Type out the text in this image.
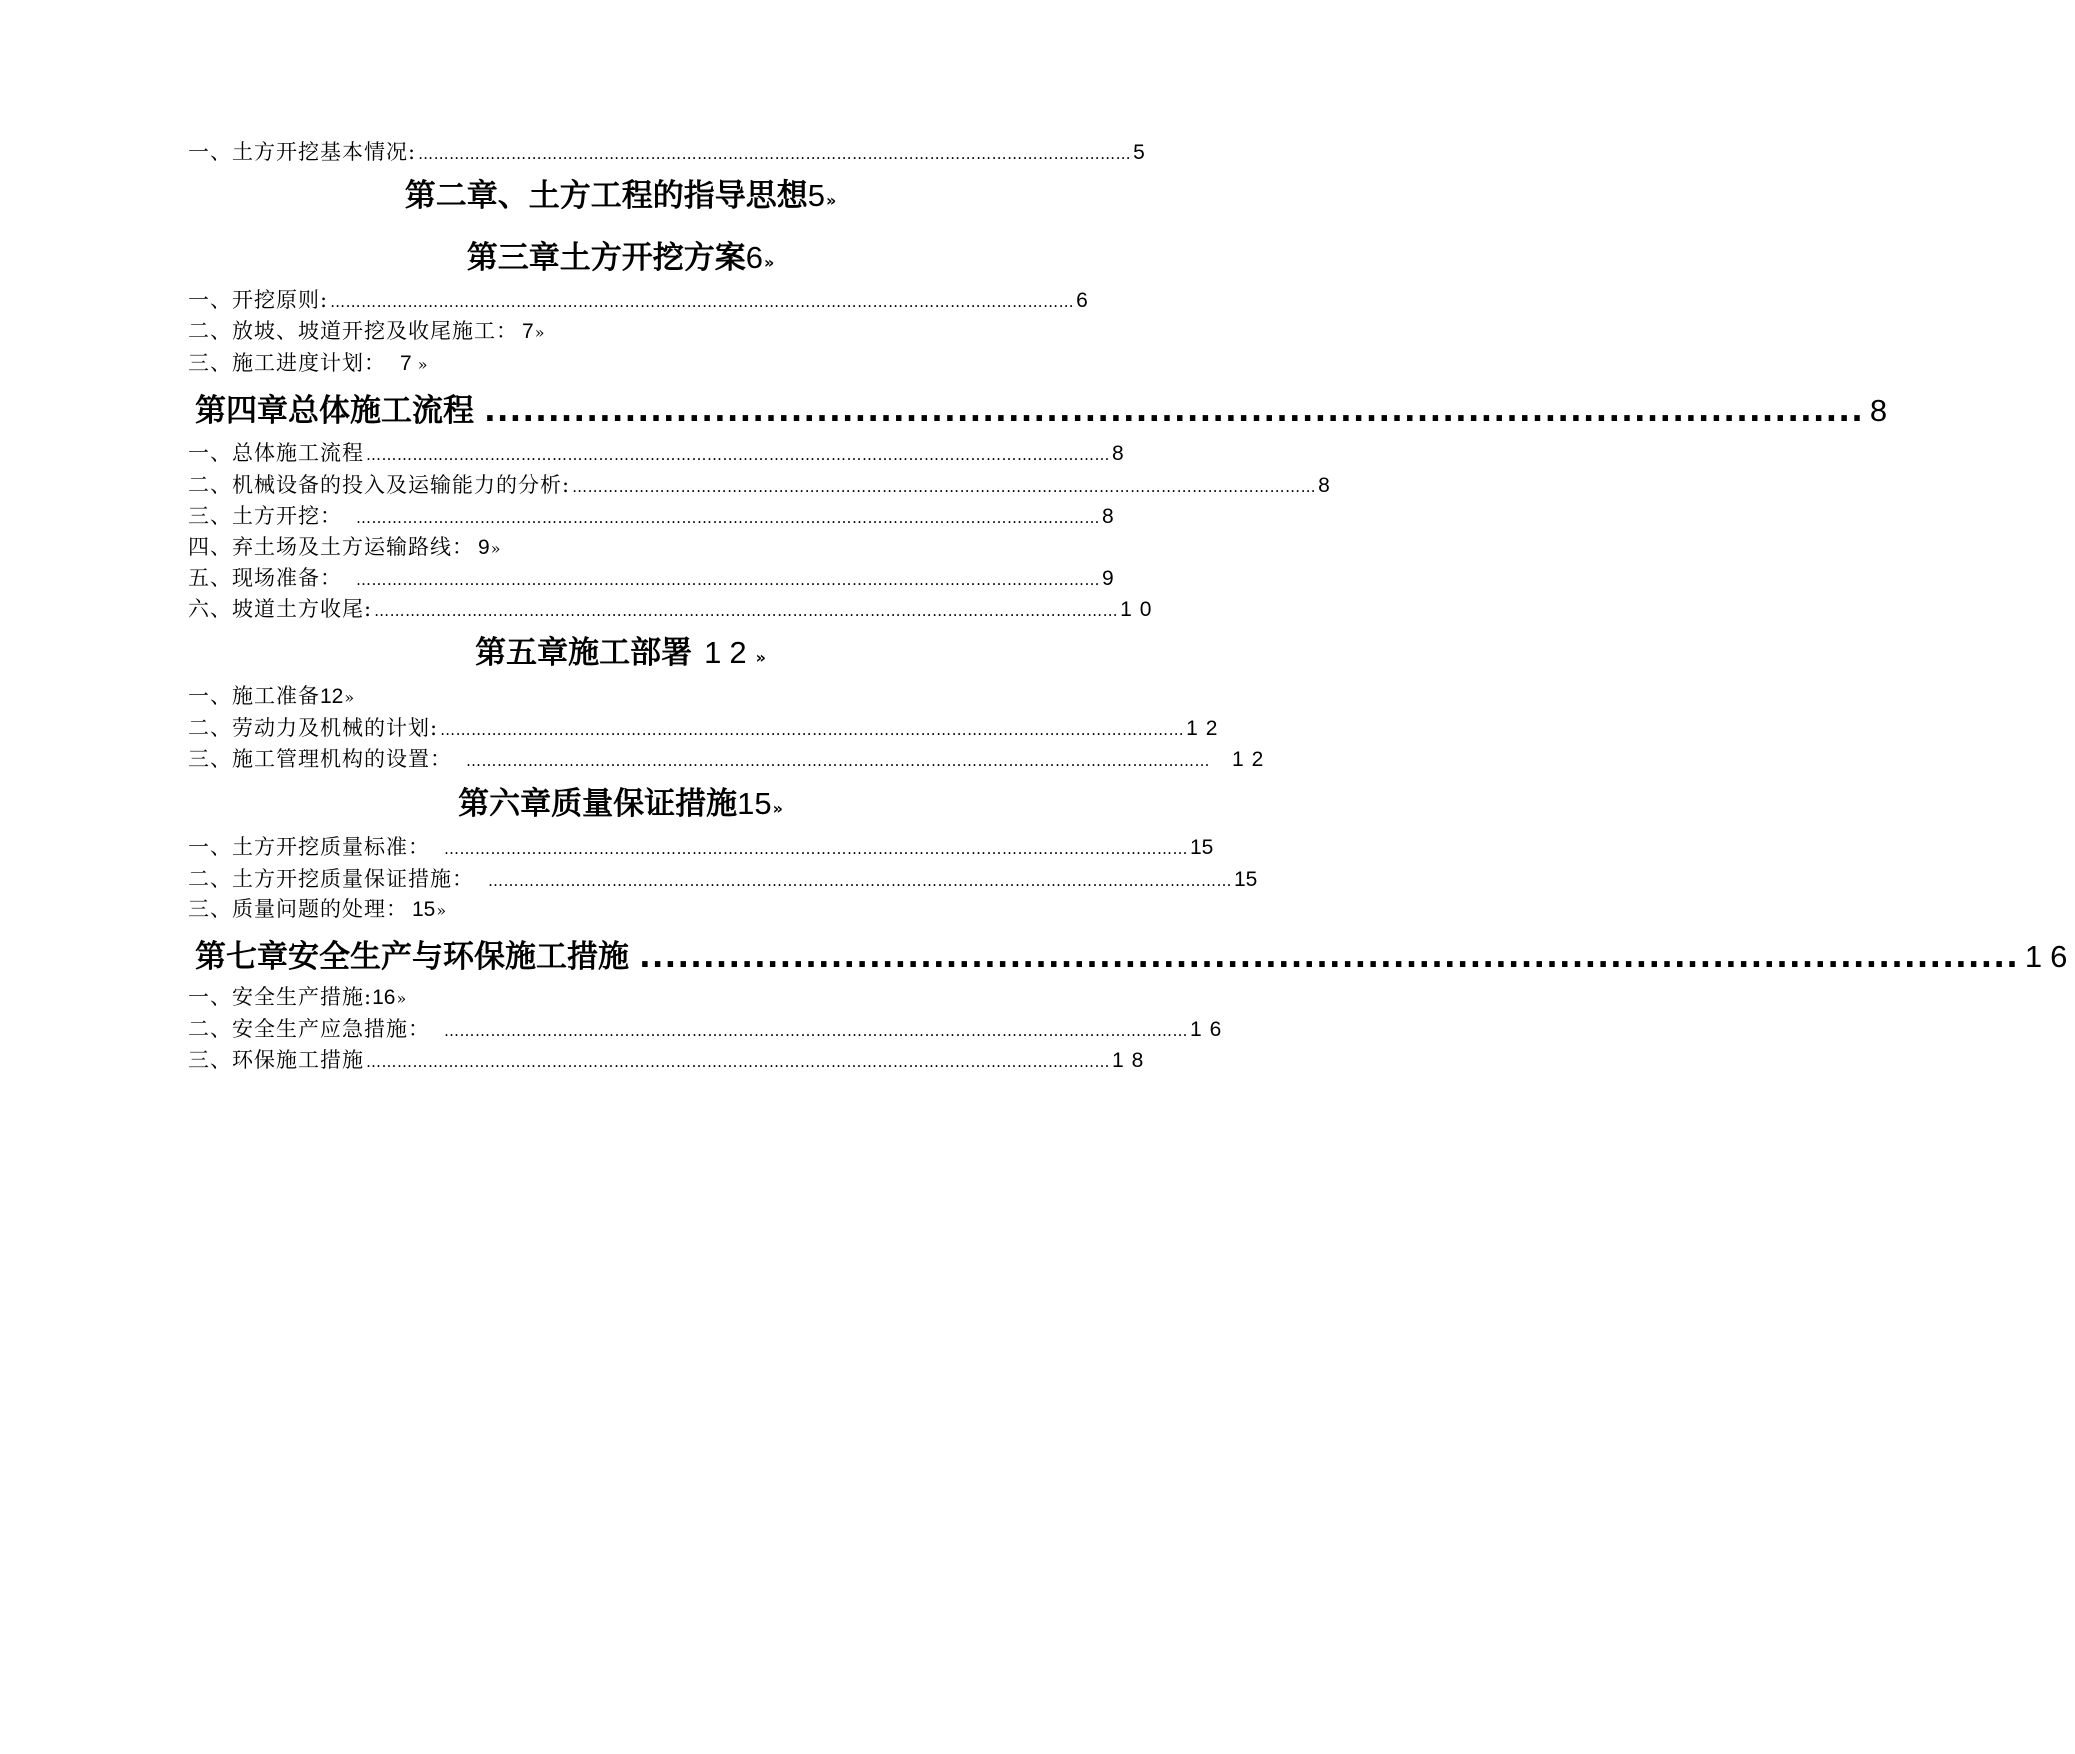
一、土方开挖基本情况: ………………………………………………………………………………………………………………………… 5
第二章、土方工程的指导思想 5 »
第三章土方开挖方案 6 »
一、开挖原则: ……………………………………………………………………………………………………………………………… 6
二、放坡、坡道开挖及收尾施工： 7 »
三、施工进度计划： 7 »
第四章总体施工流程 ............................................................................................................ 8
一、总体施工流程 ……………………………………………………………………………………………………………………………… 8
二、机械设备的投入及运输能力的分析: ……………………………………………………………………………………………………………………………… 8
三、土方开挖： ……………………………………………………………………………………………………………………………… 8
四、弃土场及土方运输路线： 9 »
五、现场准备： ……………………………………………………………………………………………………………………………… 9
六、坡道土方收尾: ……………………………………………………………………………………………………………………………… 10
第五章施工部署 12 »
一、施工准备 12 »
二、劳动力及机械的计划: ……………………………………………………………………………………………………………………………… 12
三、施工管理机构的设置： ……………………………………………………………………………………………………………………………… 12
第六章质量保证措施 15 »
一、土方开挖质量标准： ……………………………………………………………………………………………………………………………… 15
二、土方开挖质量保证措施： ……………………………………………………………………………………………………………………………… 15
三、质量问题的处理： 15 »
第七章安全生产与环保施工措施 ............................................................................................................ 16
一、安全生产措施: 16 »
二、安全生产应急措施： ……………………………………………………………………………………………………………………………… 16
三、环保施工措施 ……………………………………………………………………………………………………………………………… 18
